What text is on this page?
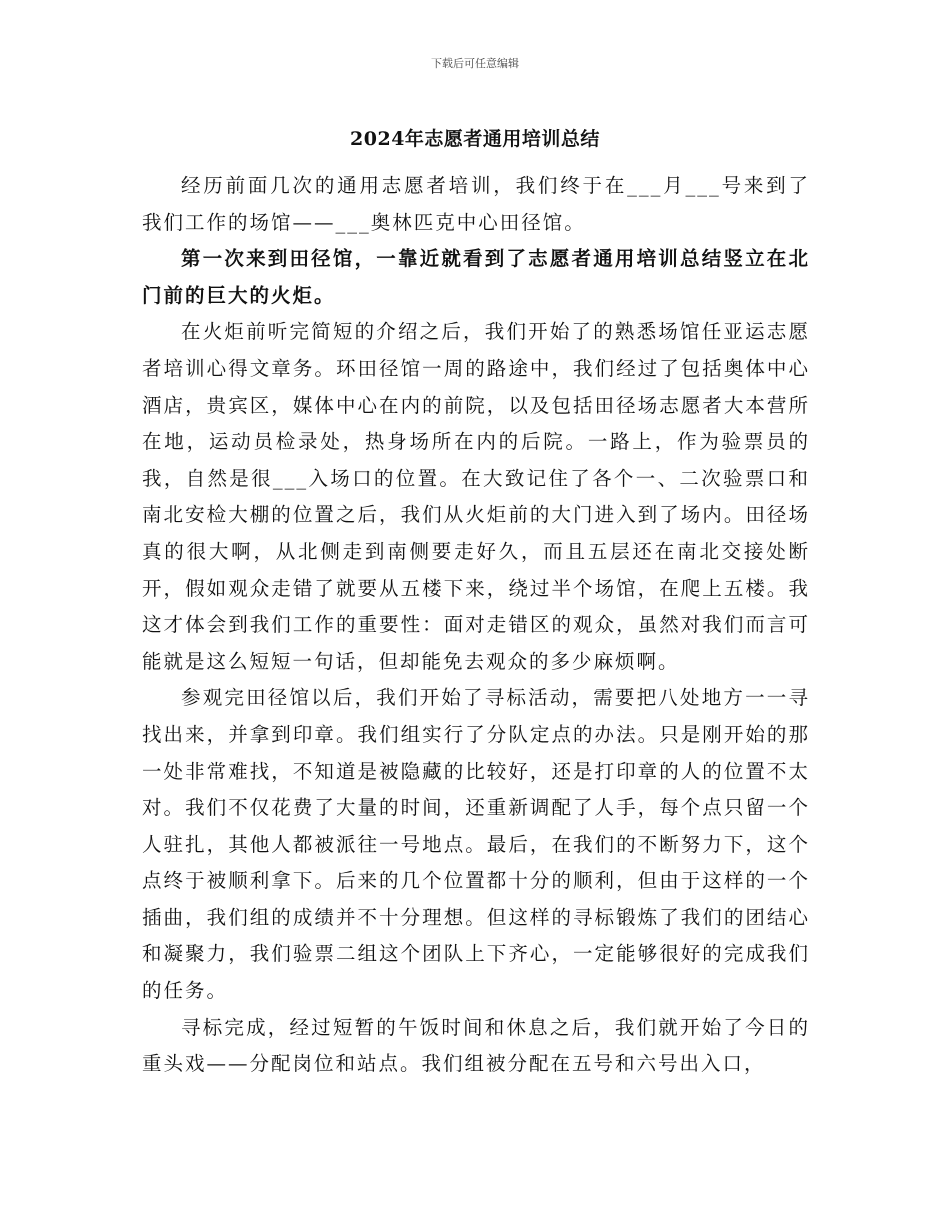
下载后可任意编辑
2024年志愿者通用培训总结

经历前面几次的通用志愿者培训，我们终于在___月___号来到了我们工作的场馆——___奥林匹克中心田径馆。

第一次来到田径馆，一靠近就看到了志愿者通用培训总结竖立在北门前的巨大的火炬。

在火炬前听完简短的介绍之后，我们开始了的熟悉场馆任亚运志愿者培训心得文章务。环田径馆一周的路途中，我们经过了包括奥体中心酒店，贵宾区，媒体中心在内的前院，以及包括田径场志愿者大本营所在地，运动员检录处，热身场所在内的后院。一路上，作为验票员的我，自然是很___入场口的位置。在大致记住了各个一、二次验票口和南北安检大棚的位置之后，我们从火炬前的大门进入到了场内。田径场真的很大啊，从北侧走到南侧要走好久，而且五层还在南北交接处断开，假如观众走错了就要从五楼下来，绕过半个场馆，在爬上五楼。我这才体会到我们工作的重要性：面对走错区的观众，虽然对我们而言可能就是这么短短一句话，但却能免去观众的多少麻烦啊。

参观完田径馆以后，我们开始了寻标活动，需要把八处地方一一寻找出来，并拿到印章。我们组实行了分队定点的办法。只是刚开始的那一处非常难找，不知道是被隐藏的比较好，还是打印章的人的位置不太对。我们不仅花费了大量的时间，还重新调配了人手，每个点只留一个人驻扎，其他人都被派往一号地点。最后，在我们的不断努力下，这个点终于被顺利拿下。后来的几个位置都十分的顺利，但由于这样的一个插曲，我们组的成绩并不十分理想。但这样的寻标锻炼了我们的团结心和凝聚力，我们验票二组这个团队上下齐心，一定能够很好的完成我们的任务。

寻标完成，经过短暂的午饭时间和休息之后，我们就开始了今日的重头戏——分配岗位和站点。我们组被分配在五号和六号出入口，
